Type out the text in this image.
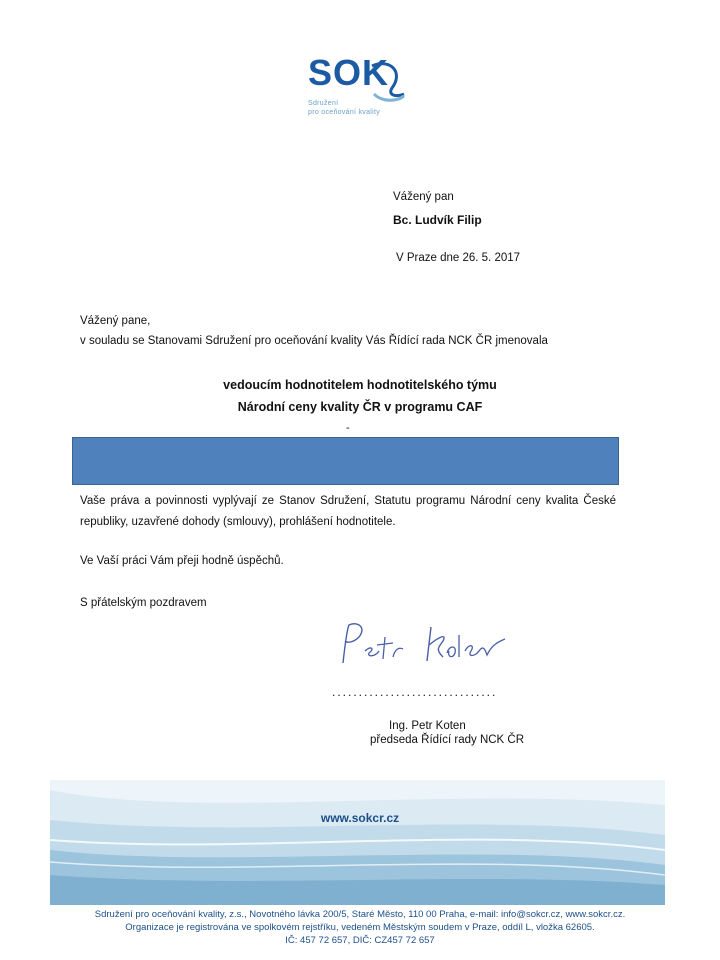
SOK
Sdružení
pro oceňování kvality
Vážený pan
Bc. Ludvík Filip
V Praze dne 26. 5. 2017
Vážený pane,
v souladu se Stanovami Sdružení pro oceňování kvality Vás Řídící rada NCK ČR jmenovala
vedoucím hodnotitelem hodnotitelského týmu
Národní ceny kvality ČR v programu CAF
-
Vaše práva a povinnosti vyplývají ze Stanov Sdružení, Statutu programu Národní ceny kvalita České republiky, uzavřené dohody (smlouvy), prohlášení hodnotitele.
Ve Vaší práci Vám přeji hodně úspěchů.
S přátelským pozdravem
...............................
Ing. Petr Koten
předseda Řídící rady NCK ČR
www.sokcr.cz
Sdružení pro oceňování kvality, z.s., Novotného lávka 200/5, Staré Město, 110 00 Praha, e-mail: info@sokcr.cz, www.sokcr.cz.
Organizace je registrována ve spolkovém rejstříku, vedeném Městským soudem v Praze, oddíl L, vložka 62605.
IČ: 457 72 657, DIČ: CZ457 72 657
